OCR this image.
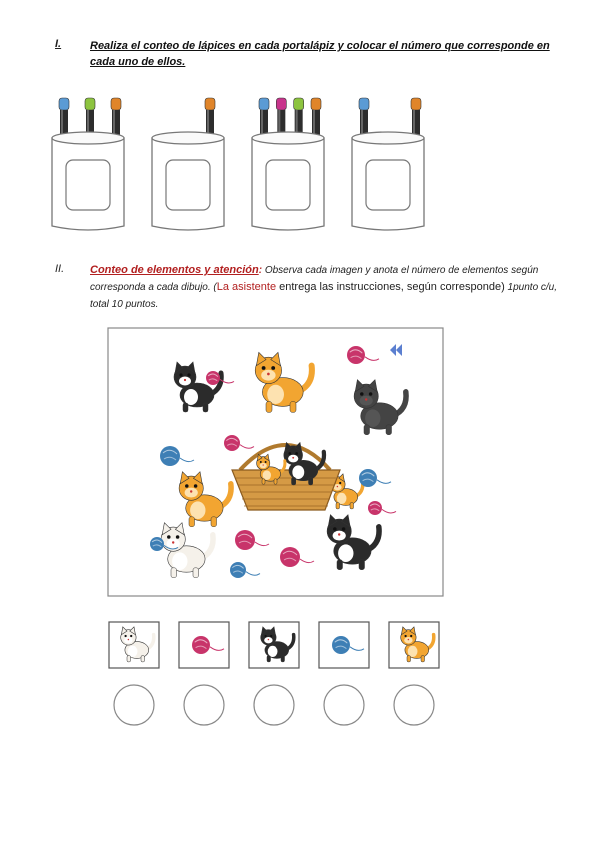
I.	Realiza el conteo de lápices en cada portalápiz y colocar el número que corresponde en cada uno de ellos.
II. Conteo de elementos y atención: Observa cada imagen y anota el número de elementos según corresponda a cada dibujo. (La asistente entrega las instrucciones, según corresponde) 1punto c/u, total 10 puntos.
